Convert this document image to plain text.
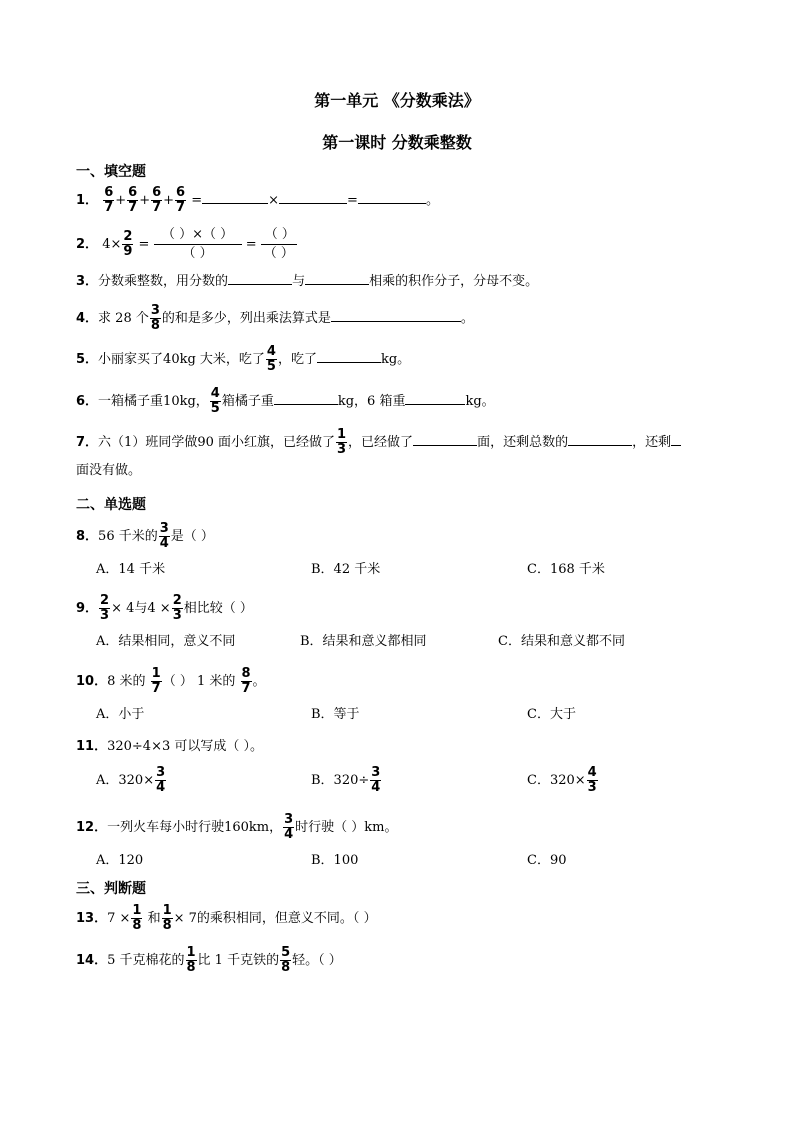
第一单元 《分数乘法》
第一课时 分数乘整数
一、填空题
1． $\frac{6}{7} + \frac{6}{7} + \frac{6}{7} + \frac{6}{7}$ =	×	=	。
2． $4\times \frac{2}{9} = \frac{( )\times( )}{( )} = \frac{( )}{( )}$
3．分数乘整数，用分数的	与	相乘的积作分子，分母不变。
4．求 28 个 $\frac{3}{8}$ 的和是多少，列出乘法算式是	。
5．小丽家买了40kg 大米，吃了 $\frac{4}{5}$ ，吃了	kg。
6．一箱橘子重10kg， $\frac{4}{5}$ 箱橘子重	kg，6 箱重	kg。
7．六（1）班同学做90 面小红旗，已经做了 $\frac{1}{3}$ ，已经做了	面，还剩总数的	，还剩
面没有做。
二、单选题
8．56 千米的 $\frac{3}{4}$ 是（ ）
A．14 千米	B．42 千米	C．168 千米
9． $\frac{2}{3} \times 4$与$4 \times \frac{2}{3}$ 相比较（ ）
A．结果相同，意义不同	B．结果和意义都相同	C．结果和意义都不同
10．8 米的 $\frac{1}{7}$ （ ） 1 米的 $\frac{8}{7}$ 。
A．小于	B．等于	C．大于
11．320÷4×3 可以写成（ ）。
A．$320\times \frac{3}{4}$	B．$320\div \frac{3}{4}$	C．$320\times \frac{4}{3}$
12．一列火车每小时行驶160km， $\frac{3}{4}$ 时行驶（ ）km。
A．120	B．100	C．90
三、判断题
13．$7 \times \frac{1}{8}$ 和 $\frac{1}{8} \times 7$的乘积相同，但意义不同。（ ）
14．5 千克棉花的 $\frac{1}{8}$ 比 1 千克铁的 $\frac{5}{8}$ 轻。（ ）
